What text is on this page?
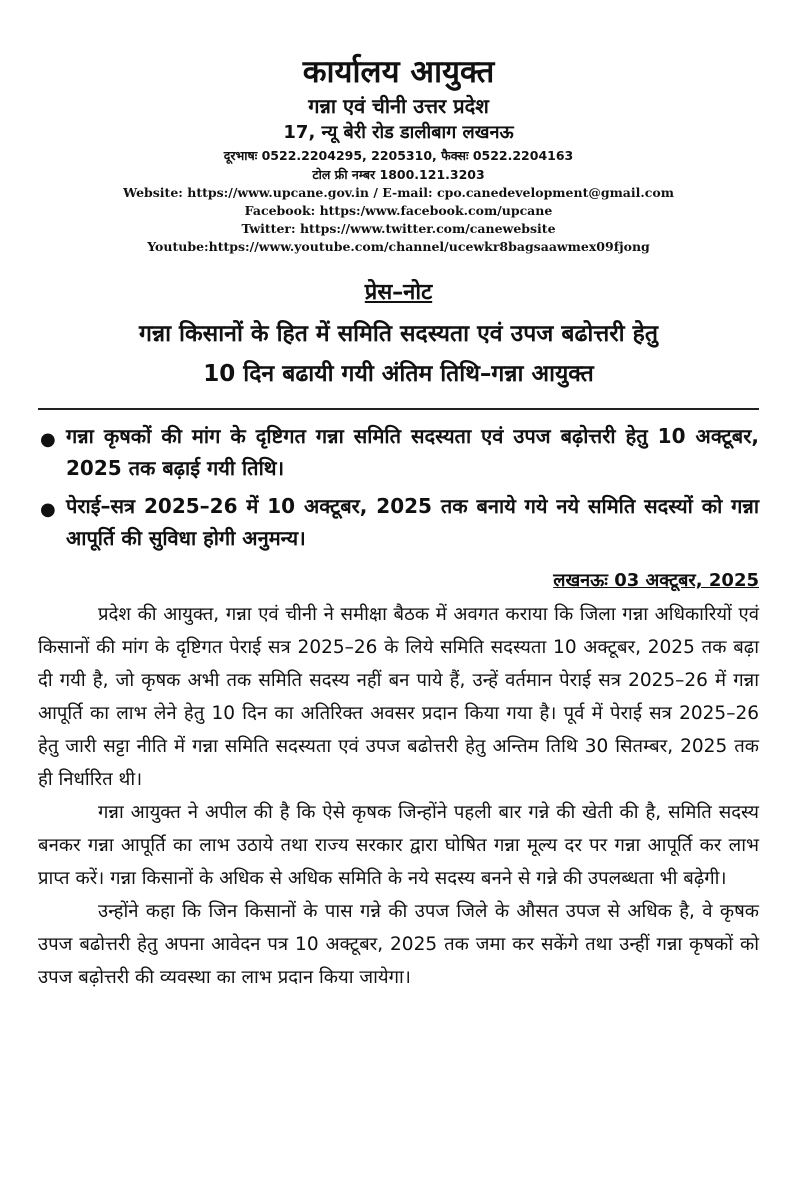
कार्यालय आयुक्त
गन्ना एवं चीनी उत्तर प्रदेश
17, न्यू बेरी रोड डालीबाग लखनऊ
दूरभाषः 0522.2204295, 2205310, फैक्सः 0522.2204163
टोल फ्री नम्बर 1800.121.3203
Website: https://www.upcane.gov.in / E-mail: cpo.canedevelopment@gmail.com
Facebook: https:/www.facebook.com/upcane
Twitter: https://www.twitter.com/canewebsite
Youtube:https://www.youtube.com/channel/ucewkr8bagsaawmex09fjong
प्रेस–नोट
गन्ना किसानों के हित में समिति सदस्यता एवं उपज बढोत्तरी हेतु
10 दिन बढायी गयी अंतिम तिथि–गन्ना आयुक्त
● गन्ना कृषकों की मांग के दृष्टिगत गन्ना समिति सदस्यता एवं उपज बढ़ोत्तरी हेतु 10 अक्टूबर, 2025 तक बढ़ाई गयी तिथि।
● पेराई–सत्र 2025–26 में 10 अक्टूबर, 2025 तक बनाये गये नये समिति सदस्यों को गन्ना आपूर्ति की सुविधा होगी अनुमन्य।
लखनऊः 03 अक्टूबर, 2025

प्रदेश की आयुक्त, गन्ना एवं चीनी ने समीक्षा बैठक में अवगत कराया कि जिला गन्ना अधिकारियों एवं किसानों की मांग के दृष्टिगत पेराई सत्र 2025–26 के लिये समिति सदस्यता 10 अक्टूबर, 2025 तक बढ़ा दी गयी है, जो कृषक अभी तक समिति सदस्य नहीं बन पाये हैं, उन्हें वर्तमान पेराई सत्र 2025–26 में गन्ना आपूर्ति का लाभ लेने हेतु 10 दिन का अतिरिक्त अवसर प्रदान किया गया है। पूर्व में पेराई सत्र 2025–26 हेतु जारी सट्टा नीति में गन्ना समिति सदस्यता एवं उपज बढोत्तरी हेतु अन्तिम तिथि 30 सितम्बर, 2025 तक ही निर्धारित थी।

गन्ना आयुक्त ने अपील की है कि ऐसे कृषक जिन्होंने पहली बार गन्ने की खेती की है, समिति सदस्य बनकर गन्ना आपूर्ति का लाभ उठाये तथा राज्य सरकार द्वारा घोषित गन्ना मूल्य दर पर गन्ना आपूर्ति कर लाभ प्राप्त करें। गन्ना किसानों के अधिक से अधिक समिति के नये सदस्य बनने से गन्ने की उपलब्धता भी बढ़ेगी।

उन्होंने कहा कि जिन किसानों के पास गन्ने की उपज जिले के औसत उपज से अधिक है, वे कृषक उपज बढोत्तरी हेतु अपना आवेदन पत्र 10 अक्टूबर, 2025 तक जमा कर सकेंगे तथा उन्हीं गन्ना कृषकों को उपज बढ़ोत्तरी की व्यवस्था का लाभ प्रदान किया जायेगा।
